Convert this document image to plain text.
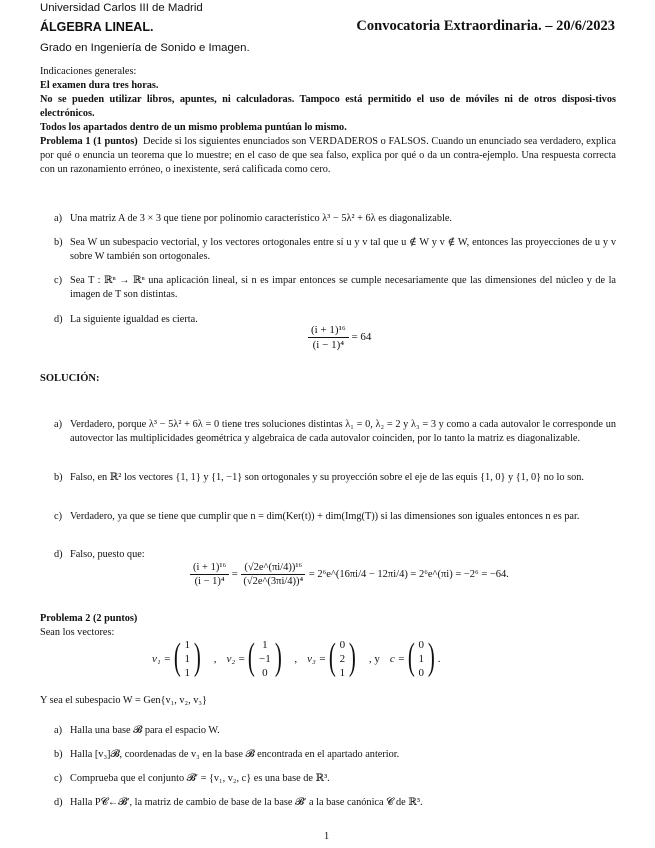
Universidad Carlos III de Madrid
ÁLGEBRA LINEAL.	Convocatoria Extraordinaria. – 20/6/2023
Grado en Ingeniería de Sonido e Imagen.
Indicaciones generales:
El examen dura tres horas.
No se pueden utilizar libros, apuntes, ni calculadoras. Tampoco está permitido el uso de móviles ni de otros disposi-tivos electrónicos.
Todos los apartados dentro de un mismo problema puntúan lo mismo.
Problema 1 (1 puntos) Decide si los siguientes enunciados son VERDADEROS o FALSOS. Cuando un enunciado sea verdadero, explica por qué o enuncia un teorema que lo muestre; en el caso de que sea falso, explica por qué o da un contra-ejemplo. Una respuesta correcta con un razonamiento erróneo, o inexistente, será calificada como cero.
a) Una matriz A de 3 × 3 que tiene por polinomio característico λ³ − 5λ² + 6λ es diagonalizable.
b) Sea W un subespacio vectorial, y los vectores ortogonales entre sí u y v tal que u ∉ W y v ∉ W, entonces las proyecciones de u y v sobre W también son ortogonales.
c) Sea T : ℝⁿ → ℝⁿ una aplicación lineal, si n es impar entonces se cumple necesariamente que las dimensiones del núcleo y de la imagen de T son distintas.
d) La siguiente igualdad es cierta.
$\frac{\text{(i + 1)¹⁶}}{\text{(i − 1)⁴}} = 64$
SOLUCIÓN:
a) Verdadero, porque λ³ − 5λ² + 6λ = 0 tiene tres soluciones distintas λ₁ = 0, λ₂ = 2 y λ₃ = 3 y como a cada autovalor le corresponde un autovector las multiplicidades geométrica y algebraica de cada autovalor coinciden, por lo tanto la matriz es diagonalizable.
b) Falso, en ℝ² los vectores {1, 1} y {1, −1} son ortogonales y su proyección sobre el eje de las equis {1, 0} y {1, 0} no lo son.
c) Verdadero, ya que se tiene que cumplir que n = dim(Ker(t)) + dim(Img(T)) si las dimensiones son iguales entonces n es par.
d) Falso, puesto que:
$\frac{\text{(i + 1)¹⁶}}{\text{(i − 1)⁴}} = \frac{\text{(√2e\textasciicircum{}(πi/4))¹⁶}}{\text{(√2e\textasciicircum{}(3πi/4))⁴}}$ = 2⁶e^(16πi/4 − 12πi/4) = 2⁶e^(πi) = −2⁶ = −64.
Problema 2 (2 puntos)
Sean los vectores:
v₁ = ( 1
1
1 ) , v₂ = ( 1
−1
0 ) , v₃ = ( 0
2
1 ) , y c = ( 0
1
0 ) .
Y sea el subespacio W = Gen{v₁, v₂, v₃}
a) Halla una base 𝓑 para el espacio W.
b) Halla [v₃]𝓑, coordenadas de v₃ en la base 𝓑 encontrada en el apartado anterior.
c) Comprueba que el conjunto 𝓑′ = {v₁, v₂, c} es una base de ℝ³.
d) Halla P𝓒←𝓑′, la matriz de cambio de base de la base 𝓑′ a la base canónica 𝓒 de ℝ³.
1
